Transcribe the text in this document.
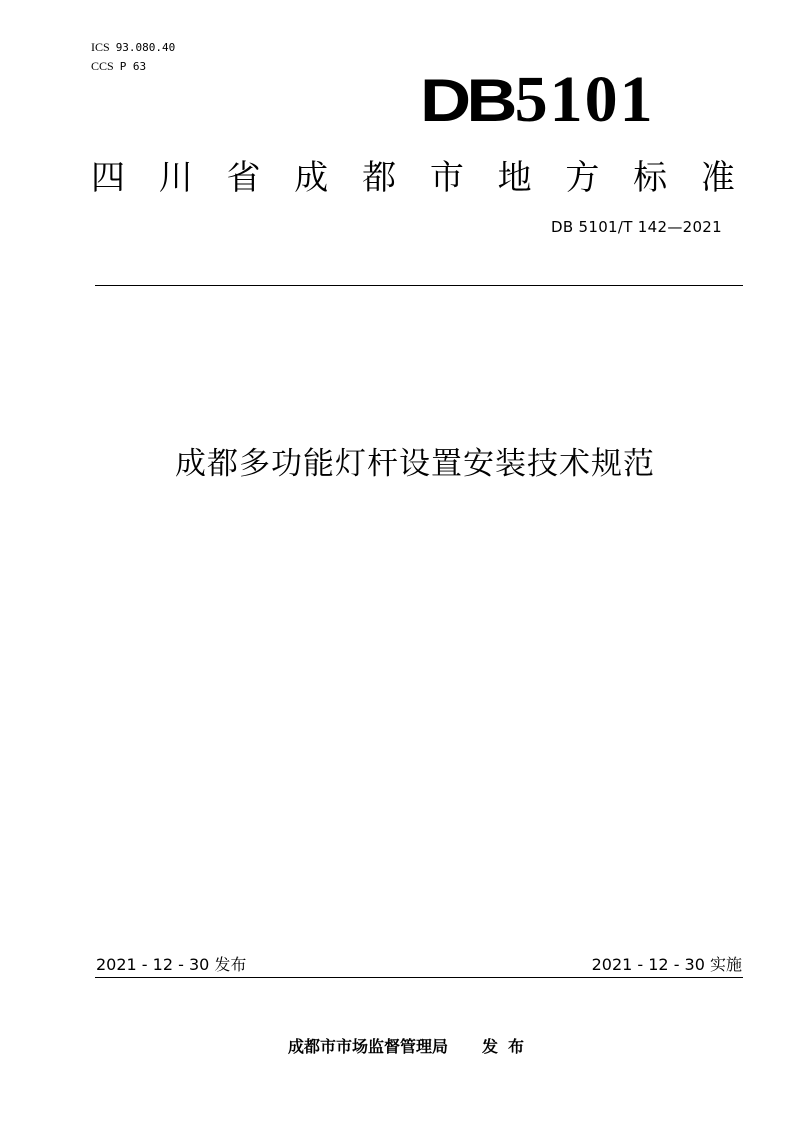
ICS 93.080.40
CCS P 63
DB5101
四 川 省 成 都 市 地 方 标 准
DB 5101/T 142—2021
成都多功能灯杆设置安装技术规范
2021 - 12 - 30 发布	2021 - 12 - 30 实施
成都市市场监督管理局 发布
